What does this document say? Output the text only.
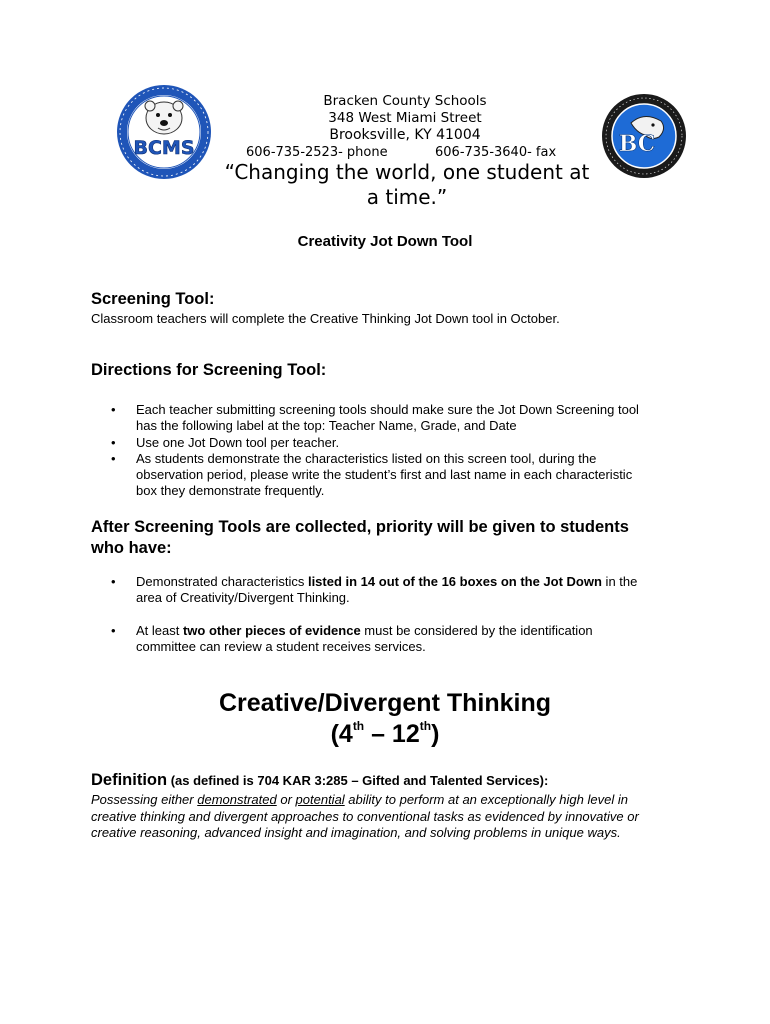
BCMS	BC
Bracken County Schools
348 West Miami Street
Brooksville, KY 41004
606-735-2523- phone	606-735-3640- fax
“Changing the world, one student at
a time.”
Creativity Jot Down Tool
Screening Tool:
Classroom teachers will complete the Creative Thinking Jot Down tool in October.
Directions for Screening Tool:
• Each teacher submitting screening tools should make sure the Jot Down Screening tool
has the following label at the top: Teacher Name, Grade, and Date
• Use one Jot Down tool per teacher.
• As students demonstrate the characteristics listed on this screen tool, during the
observation period, please write the student’s first and last name in each characteristic
box they demonstrate frequently.
After Screening Tools are collected, priority will be given to students
who have:
• Demonstrated characteristics listed in 14 out of the 16 boxes on the Jot Down in the
area of Creativity/Divergent Thinking.
• At least two other pieces of evidence must be considered by the identification
committee can review a student receives services.
Creative/Divergent Thinking
(4th – 12th)
Definition (as defined is 704 KAR 3:285 – Gifted and Talented Services):
Possessing either demonstrated or potential ability to perform at an exceptionally high level in
creative thinking and divergent approaches to conventional tasks as evidenced by innovative or
creative reasoning, advanced insight and imagination, and solving problems in unique ways.
